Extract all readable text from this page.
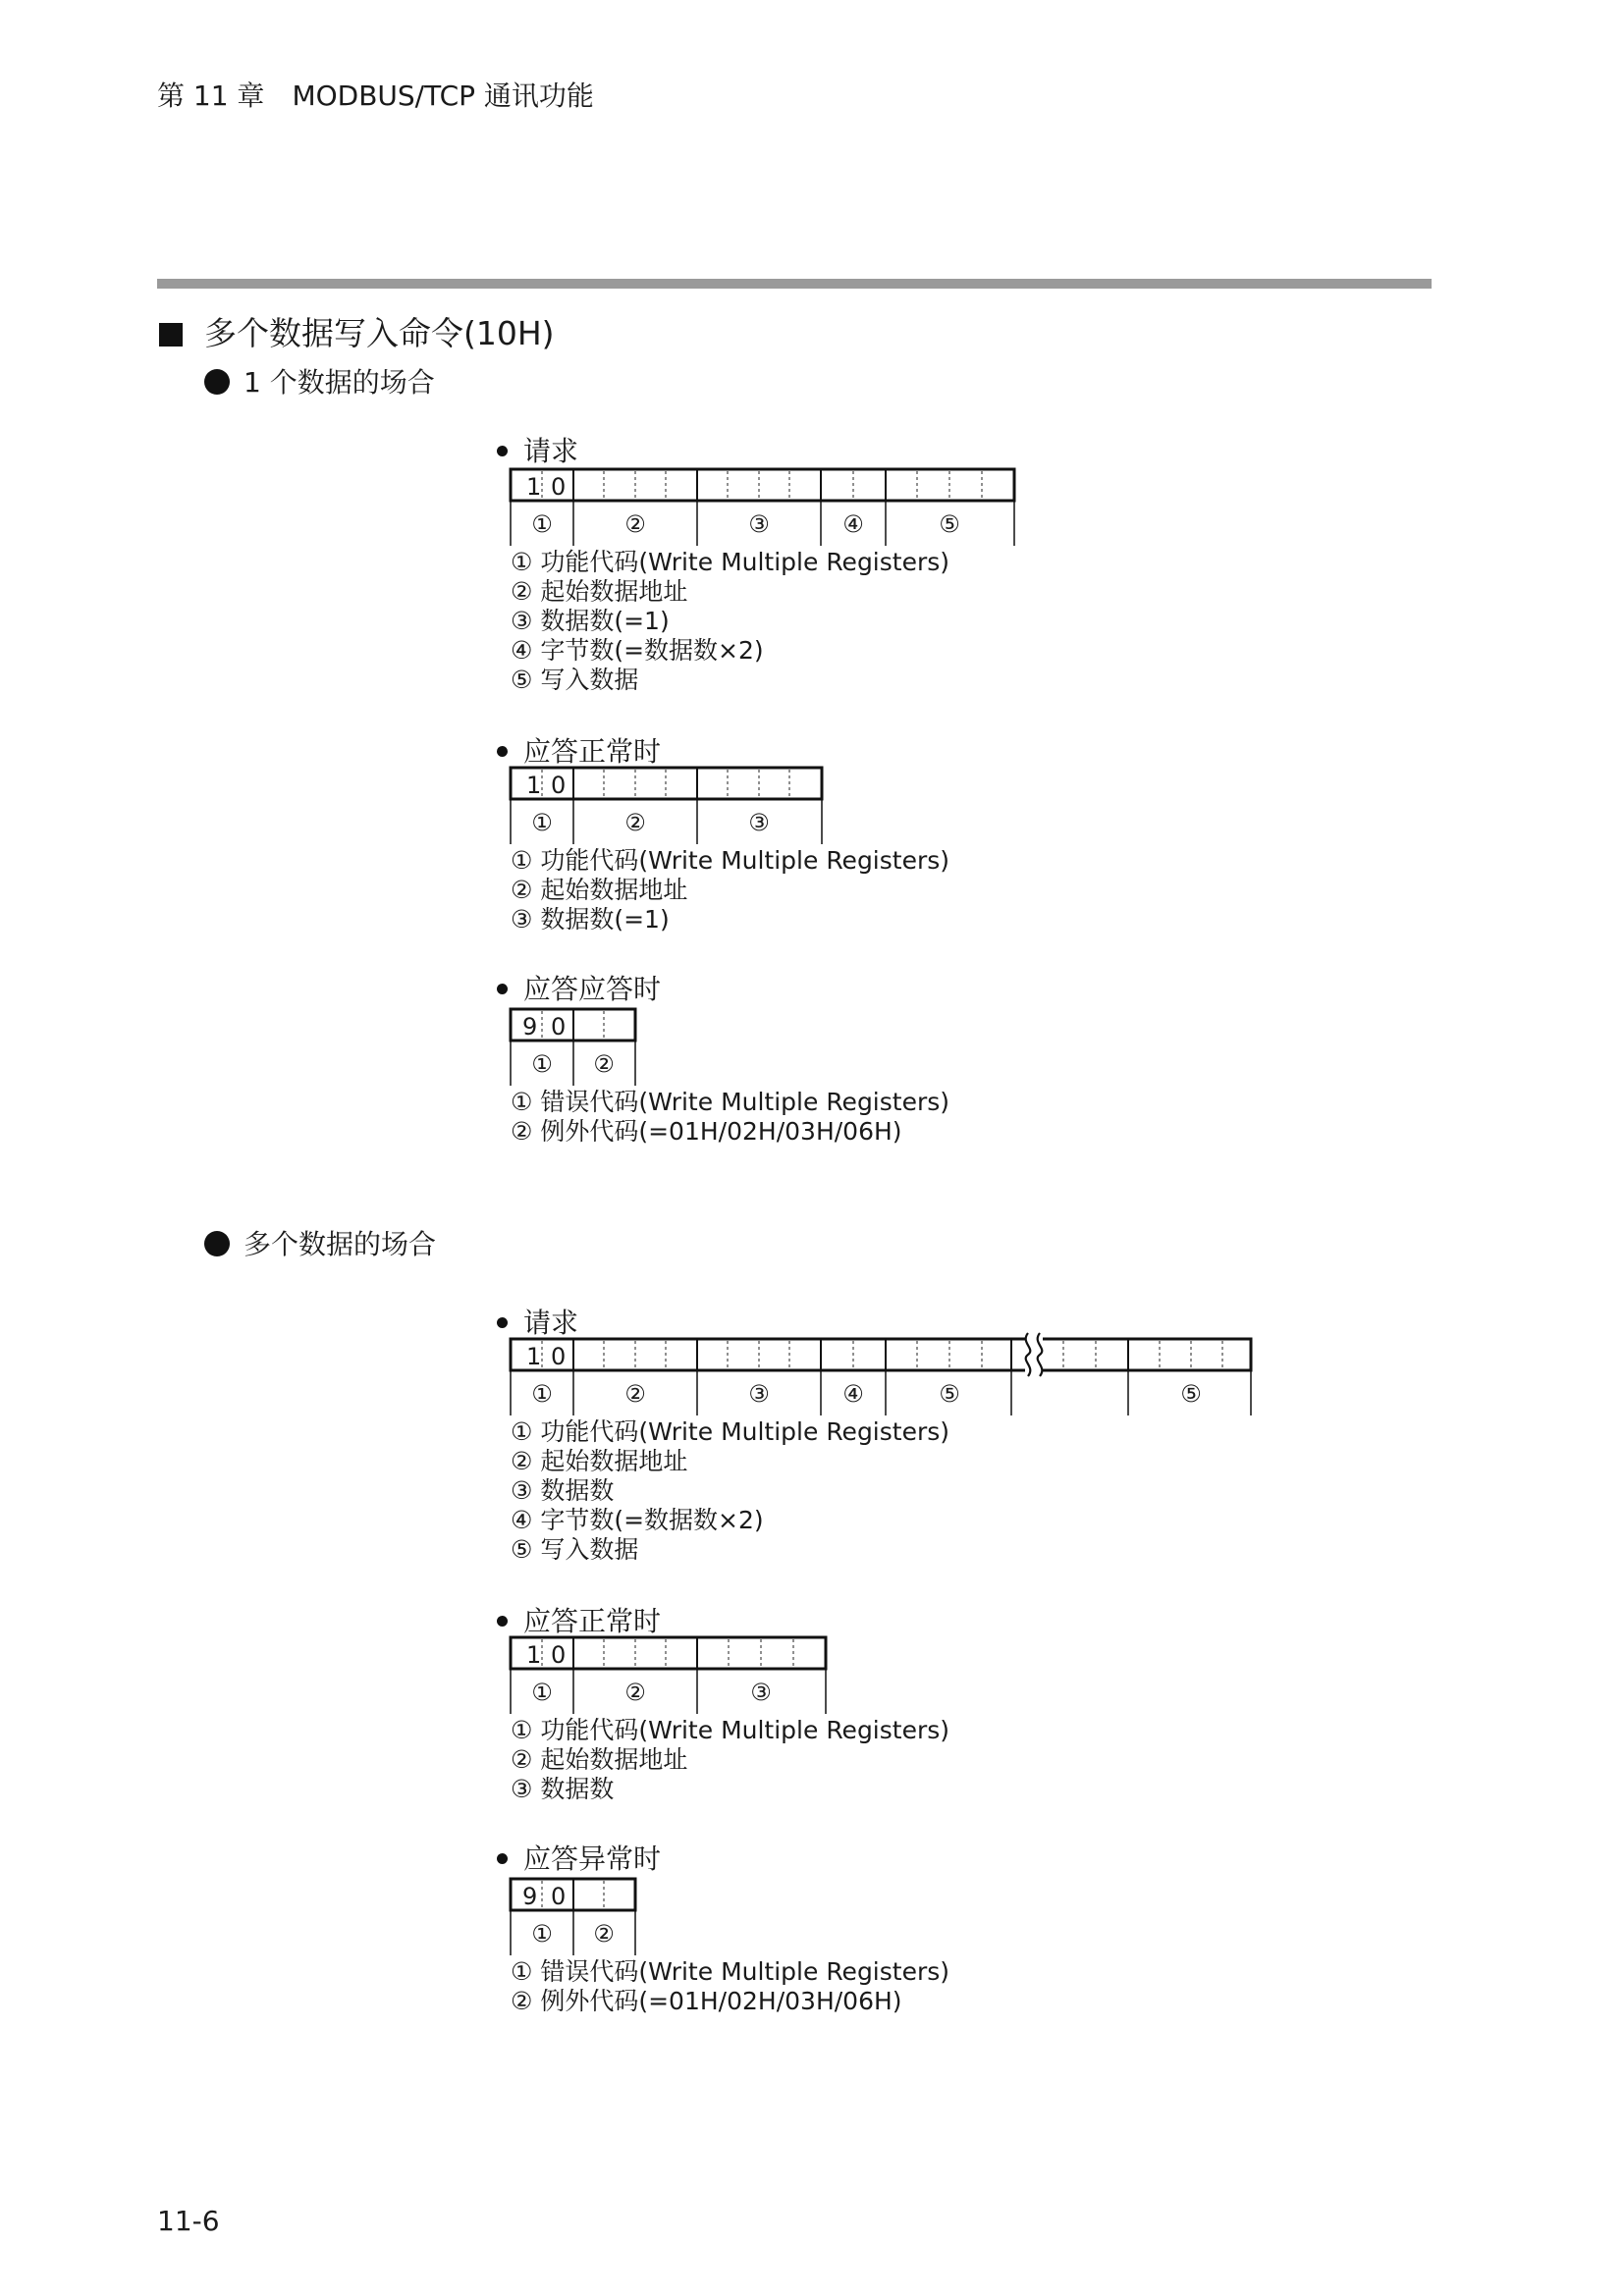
第 11 章 MODBUS/TCP 通讯功能
多个数据写入命令(10H)
1 个数据的场合
请求
1 0
①	②	③	④	⑤
① 功能代码(Write Multiple Registers)
② 起始数据地址
③ 数据数(=1)
④ 字节数(=数据数×2)
⑤ 写入数据
应答正常时
1 0
①	②	③
① 功能代码(Write Multiple Registers)
② 起始数据地址
③ 数据数(=1)
应答应答时
9 0
① ②
① 错误代码(Write Multiple Registers)
② 例外代码(=01H/02H/03H/06H)
多个数据的场合
请求
1 0
①	②	③	④	⑤	⑤
① 功能代码(Write Multiple Registers)
② 起始数据地址
③ 数据数
④ 字节数(=数据数×2)
⑤ 写入数据
应答正常时
1 0
①	②	③
① 功能代码(Write Multiple Registers)
② 起始数据地址
③ 数据数
应答异常时
9 0
① ②
① 错误代码(Write Multiple Registers)
② 例外代码(=01H/02H/03H/06H)
11-6
